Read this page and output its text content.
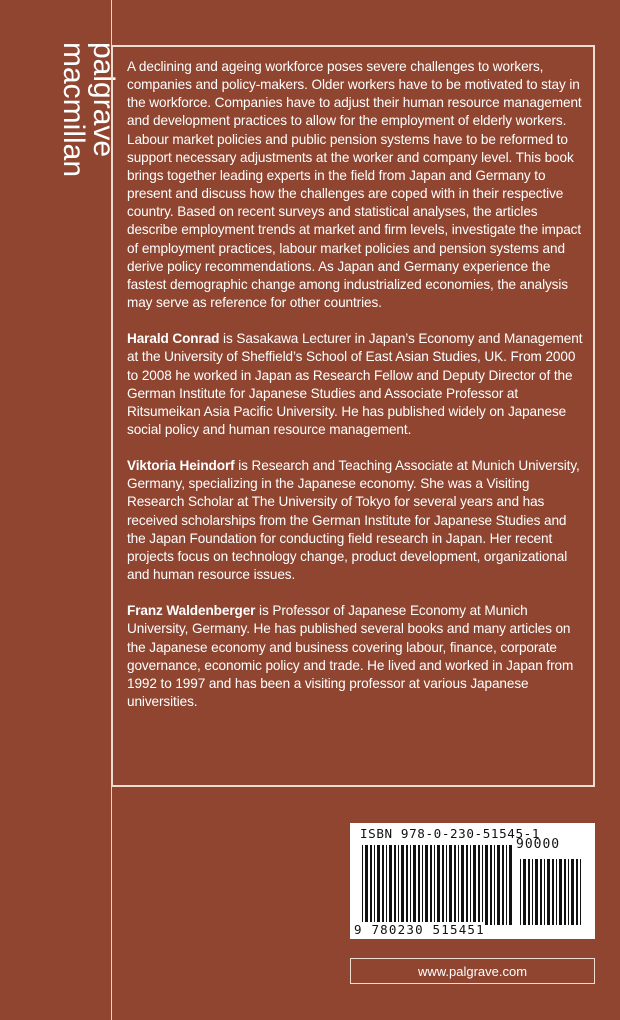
palgrave
macmillan	A declining and ageing workforce poses severe challenges to workers, companies and policy-makers. Older workers have to be motivated to stay in the workforce. Companies have to adjust their human resource management and development practices to allow for the employment of elderly workers. Labour market policies and public pension systems have to be reformed to support necessary adjustments at the worker and company level. This book brings together leading experts in the field from Japan and Germany to present and discuss how the challenges are coped with in their respective country. Based on recent surveys and statistical analyses, the articles describe employment trends at market and firm levels, investigate the impact of employment practices, labour market policies and pension systems and derive policy recommendations. As Japan and Germany experience the fastest demographic change among industrialized economies, the analysis may serve as reference for other countries.

Harald Conrad is Sasakawa Lecturer in Japan’s Economy and Management at the University of Sheffield’s School of East Asian Studies, UK. From 2000 to 2008 he worked in Japan as Research Fellow and Deputy Director of the German Institute for Japanese Studies and Associate Professor at Ritsumeikan Asia Pacific University. He has published widely on Japanese social policy and human resource management.

Viktoria Heindorf is Research and Teaching Associate at Munich University, Germany, specializing in the Japanese economy. She was a Visiting Research Scholar at The University of Tokyo for several years and has received scholarships from the German Institute for Japanese Studies and the Japan Foundation for conducting field research in Japan. Her recent projects focus on technology change, product development, organizational and human resource issues.

Franz Waldenberger is Professor of Japanese Economy at Munich University, Germany. He has published several books and many articles on the Japanese economy and business covering labour, finance, corporate governance, economic policy and trade. He lived and worked in Japan from 1992 to 1997 and has been a visiting professor at various Japanese universities.

ISBN 978-0-230-51545-1
90000
9 780230 515451
www.palgrave.com
